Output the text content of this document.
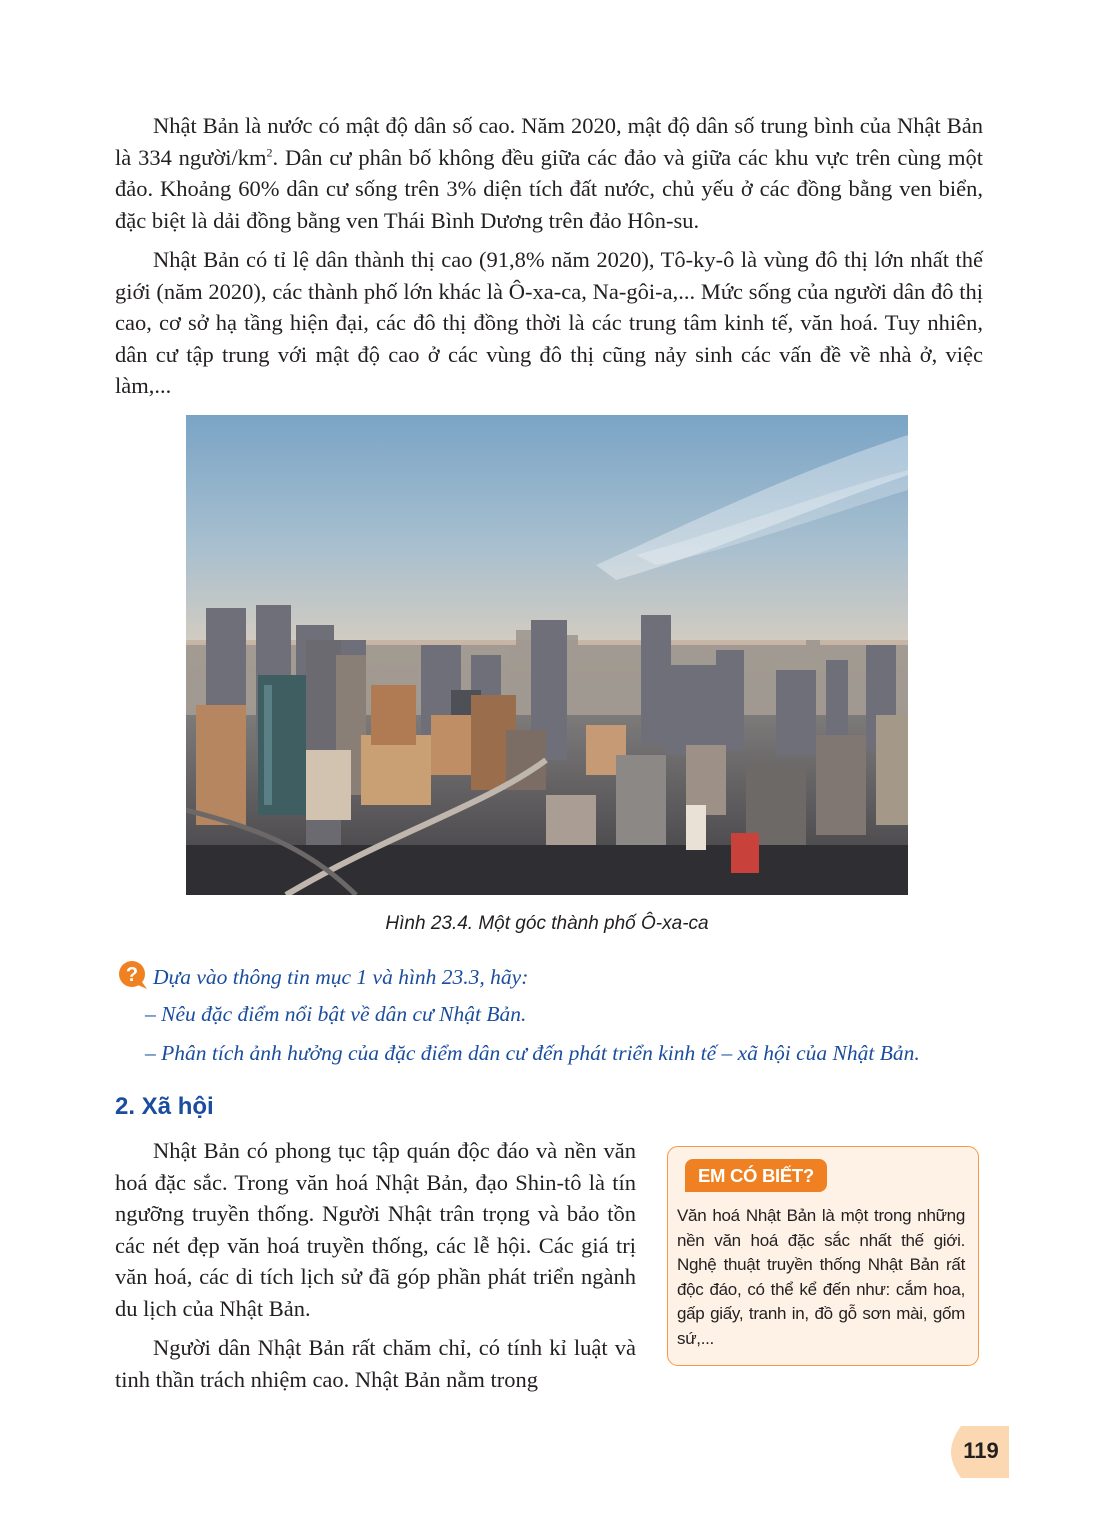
Nhật Bản là nước có mật độ dân số cao. Năm 2020, mật độ dân số trung bình của Nhật Bản là 334 người/$km^2$. Dân cư phân bố không đều giữa các đảo và giữa các khu vực trên cùng một đảo. Khoảng 60% dân cư sống trên 3% diện tích đất nước, chủ yếu ở các đồng bằng ven biển, đặc biệt là dải đồng bằng ven Thái Bình Dương trên đảo Hôn-su.

Nhật Bản có tỉ lệ dân thành thị cao (91,8% năm 2020), Tô-ky-ô là vùng đô thị lớn nhất thế giới (năm 2020), các thành phố lớn khác là Ô-xa-ca, Na-gôi-a,... Mức sống của người dân đô thị cao, cơ sở hạ tầng hiện đại, các đô thị đồng thời là các trung tâm kinh tế, văn hoá. Tuy nhiên, dân cư tập trung với mật độ cao ở các vùng đô thị cũng nảy sinh các vấn đề về nhà ở, việc làm,...

Hình 23.4. Một góc thành phố Ô-xa-ca
? Dựa vào thông tin mục 1 và hình 23.3, hãy:

– Nêu đặc điểm nổi bật về dân cư Nhật Bản.

– Phân tích ảnh hưởng của đặc điểm dân cư đến phát triển kinh tế – xã hội của Nhật Bản.

2. Xã hội

Nhật Bản có phong tục tập quán độc đáo và nền văn hoá đặc sắc. Trong văn hoá Nhật Bản, đạo Shin-tô là tín ngưỡng truyền thống. Người Nhật trân trọng và bảo tồn các nét đẹp văn hoá truyền thống, các lễ hội. Các giá trị văn hoá, các di tích lịch sử đã góp phần phát triển ngành du lịch của Nhật Bản.

Người dân Nhật Bản rất chăm chỉ, có tính kỉ luật và tinh thần trách nhiệm cao. Nhật Bản nằm trong

EM CÓ BIẾT?

Văn hoá Nhật Bản là một trong những nền văn hoá đặc sắc nhất thế giới. Nghệ thuật truyền thống Nhật Bản rất độc đáo, có thể kể đến như: cắm hoa, gấp giấy, tranh in, đồ gỗ sơn mài, gốm sứ,...

119
